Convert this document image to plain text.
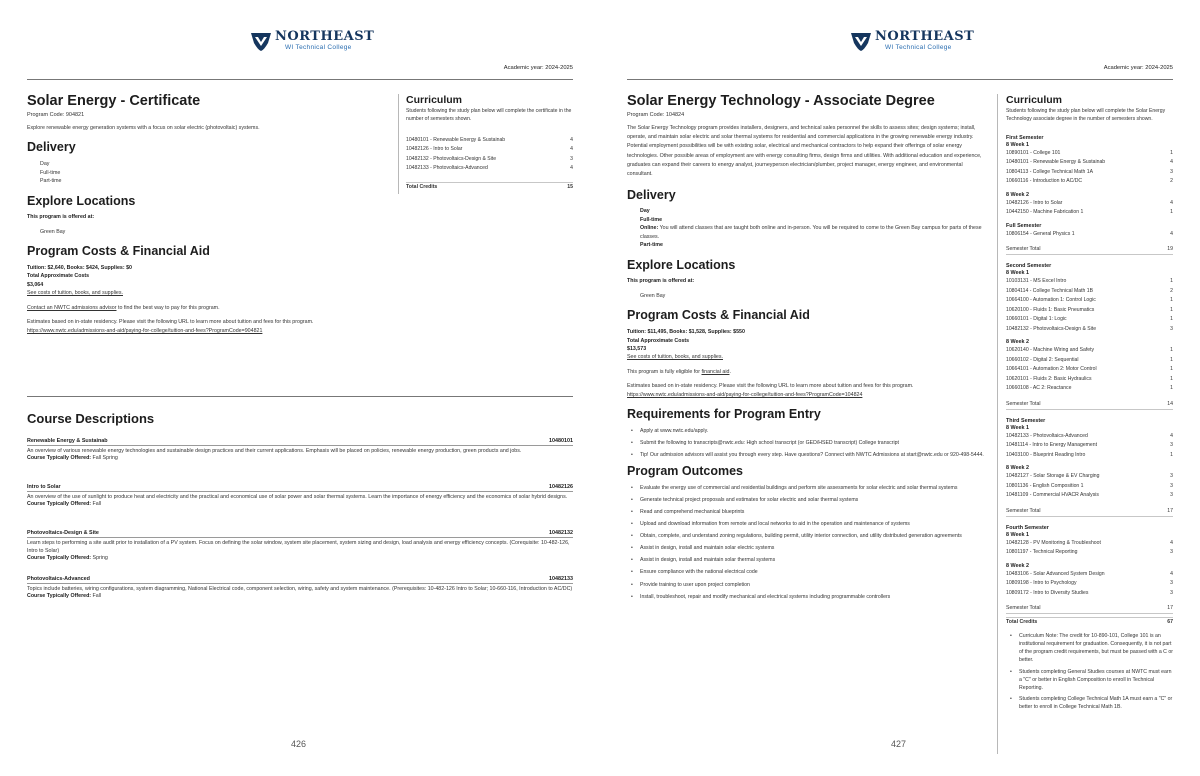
NORTHEAST
WI Technical College
Academic year: 2024-2025
Solar Energy - Certificate
Program Code: 904821

Explore renewable energy generation systems with a focus on solar electric (photovoltaic) systems.

Delivery
Day
Full-time
Part-time
Explore Locations
This program is offered at:
Green Bay
Program Costs & Financial Aid
Tuition: $2,640, Books: $424, Supplies: $0
Total Approximate Costs
$3,064
See costs of tuition, books, and supplies.
Contact an NWTC admissions advisor to find the best way to pay for this program.
Estimates based on in-state residency. Please visit the following URL to learn more about tuition and fees for this program.
https://www.nwtc.edu/admissions-and-aid/paying-for-college/tuition-and-fees?ProgramCode=904821
Curriculum
Students following the study plan below will complete the certificate in the number of semesters shown.
10480101 - Renewable Energy & Sustainab	4
10482126 - Intro to Solar	4
10482132 - Photovoltaics-Design & Site	3
10482133 - Photovoltaics-Advanced	4
Total Credits	15
Course Descriptions
Renewable Energy & Sustainab	10480101
An overview of various renewable energy technologies and sustainable design practices and their current applications. Emphasis will be placed on policies, renewable energy production, green products and jobs.
Course Typically Offered: Fall Spring
Intro to Solar	10482126
An overview of the use of sunlight to produce heat and electricity and the practical and economical use of solar power and solar thermal systems. Learn the importance of energy efficiency and the economics of solar hybrid designs.
Course Typically Offered: Fall
Photovoltaics-Design & Site	10482132
Learn steps to performing a site audit prior to installation of a PV system. Focus on defining the solar window, system site placement, system sizing and design, load analysis and energy efficiency concepts. (Corequisite: 10-482-126, Intro to Solar)
Course Typically Offered: Spring
Photovoltaics-Advanced	10482133
Topics include batteries, wiring configurations, system diagramming, National Electrical code, component selection, wiring, safety and system maintenance. (Prerequisites: 10-482-126 Intro to Solar; 10-660-116, Introduction to AC/DC)
Course Typically Offered: Fall
426
NORTHEAST
WI Technical College
Academic year: 2024-2025
Solar Energy Technology - Associate Degree
Program Code: 104824

The Solar Energy Technology program provides installers, designers, and technical sales personnel the skills to assess sites; design systems; install, operate, and maintain solar electric and solar thermal systems for residential and commercial applications in the growing renewable energy industry. Potential employment possibilities will be with existing solar, electrical and mechanical contractors to help expand their offerings of solar energy technologies. Other possible areas of employment are with energy consulting firms, design firms and utilities. With additional education and experience, graduates can expand their careers to energy analyst, journeyperson electrician/plumber, project manager, energy engineer, and environmental consultant.

Delivery
Day
Full-time
Online: You will attend classes that are taught both online and in-person. You will be required to come to the Green Bay campus for parts of these classes.
Part-time
Explore Locations
This program is offered at:
Green Bay
Program Costs & Financial Aid
Tuition: $11,495, Books: $1,528, Supplies: $550
Total Approximate Costs
$13,573
See costs of tuition, books, and supplies.
This program is fully eligible for financial aid.
Estimates based on in-state residency. Please visit the following URL to learn more about tuition and fees for this program.
https://www.nwtc.edu/admissions-and-aid/paying-for-college/tuition-and-fees?ProgramCode=104824
Requirements for Program Entry
• Apply at www.nwtc.edu/apply.
• Submit the following to transcripts@nwtc.edu: High school transcript (or GED/HSED transcript) College transcript
• Tip! Our admission advisors will assist you through every step. Have questions? Connect with NWTC Admissions at start@nwtc.edu or 920-498-5444.
Program Outcomes
• Evaluate the energy use of commercial and residential buildings and perform site assessments for solar electric and solar thermal systems
• Generate technical project proposals and estimates for solar electric and solar thermal systems
• Read and comprehend mechanical blueprints
• Upload and download information from remote and local networks to aid in the operation and maintenance of systems
• Obtain, complete, and understand zoning regulations, building permit, utility interior connection, and utility distributed generation agreements
• Assist in design, install and maintain solar electric systems
• Assist in design, install and maintain solar thermal systems
• Ensure compliance with the national electrical code
• Provide training to user upon project completion
• Install, troubleshoot, repair and modify mechanical and electrical systems including programmable controllers
Curriculum
Students following the study plan below will complete the Solar Energy Technology associate degree in the number of semesters shown.
First Semester
8 Week 1
10890101 - College 101	1
10480101 - Renewable Energy & Sustainab	4
10804113 - College Technical Math 1A	3
10660116 - Introduction to AC/DC	2
8 Week 2
10482126 - Intro to Solar	4
10442150 - Machine Fabrication 1	1
Full Semester
10806154 - General Physics 1	4
Semester Total	19
Second Semester
8 Week 1
10103131 - MS Excel Intro	1
10804114 - College Technical Math 1B	2
10664100 - Automation 1: Control Logic	1
10620100 - Fluids 1: Basic Pneumatics	1
10660101 - Digital 1: Logic	1
10482132 - Photovoltaics-Design & Site	3
8 Week 2
10620140 - Machine Wiring and Safety	1
10660102 - Digital 2: Sequential	1
10664101 - Automation 2: Motor Control	1
10620101 - Fluids 2: Basic Hydraulics	1
10660108 - AC 2: Reactance	1
Semester Total	14
Third Semester
8 Week 1
10482133 - Photovoltaics-Advanced	4
10481114 - Intro to Energy Management	3
10403100 - Blueprint Reading Intro	1
8 Week 2
10482127 - Solar Storage & EV Charging	3
10801136 - English Composition 1	3
10481109 - Commercial HVACR Analysis	3
Semester Total	17
Fourth Semester
8 Week 1
10482128 - PV Monitoring & Troubleshoot	4
10801197 - Technical Reporting	3
8 Week 2
10483106 - Solar Advanced System Design	4
10809198 - Intro to Psychology	3
10809172 - Intro to Diversity Studies	3
Semester Total	17
Total Credits	67
• Curriculum Note: The credit for 10-890-101, College 101 is an institutional requirement for graduation. Consequently, it is not part of the program credit requirements, but must be passed with a C or better.
• Students completing General Studies courses at NWTC must earn a "C" or better in English Composition to enroll in Technical Reporting.
• Students completing College Technical Math 1A must earn a "C" or better to enroll in College Technical Math 1B.
427
